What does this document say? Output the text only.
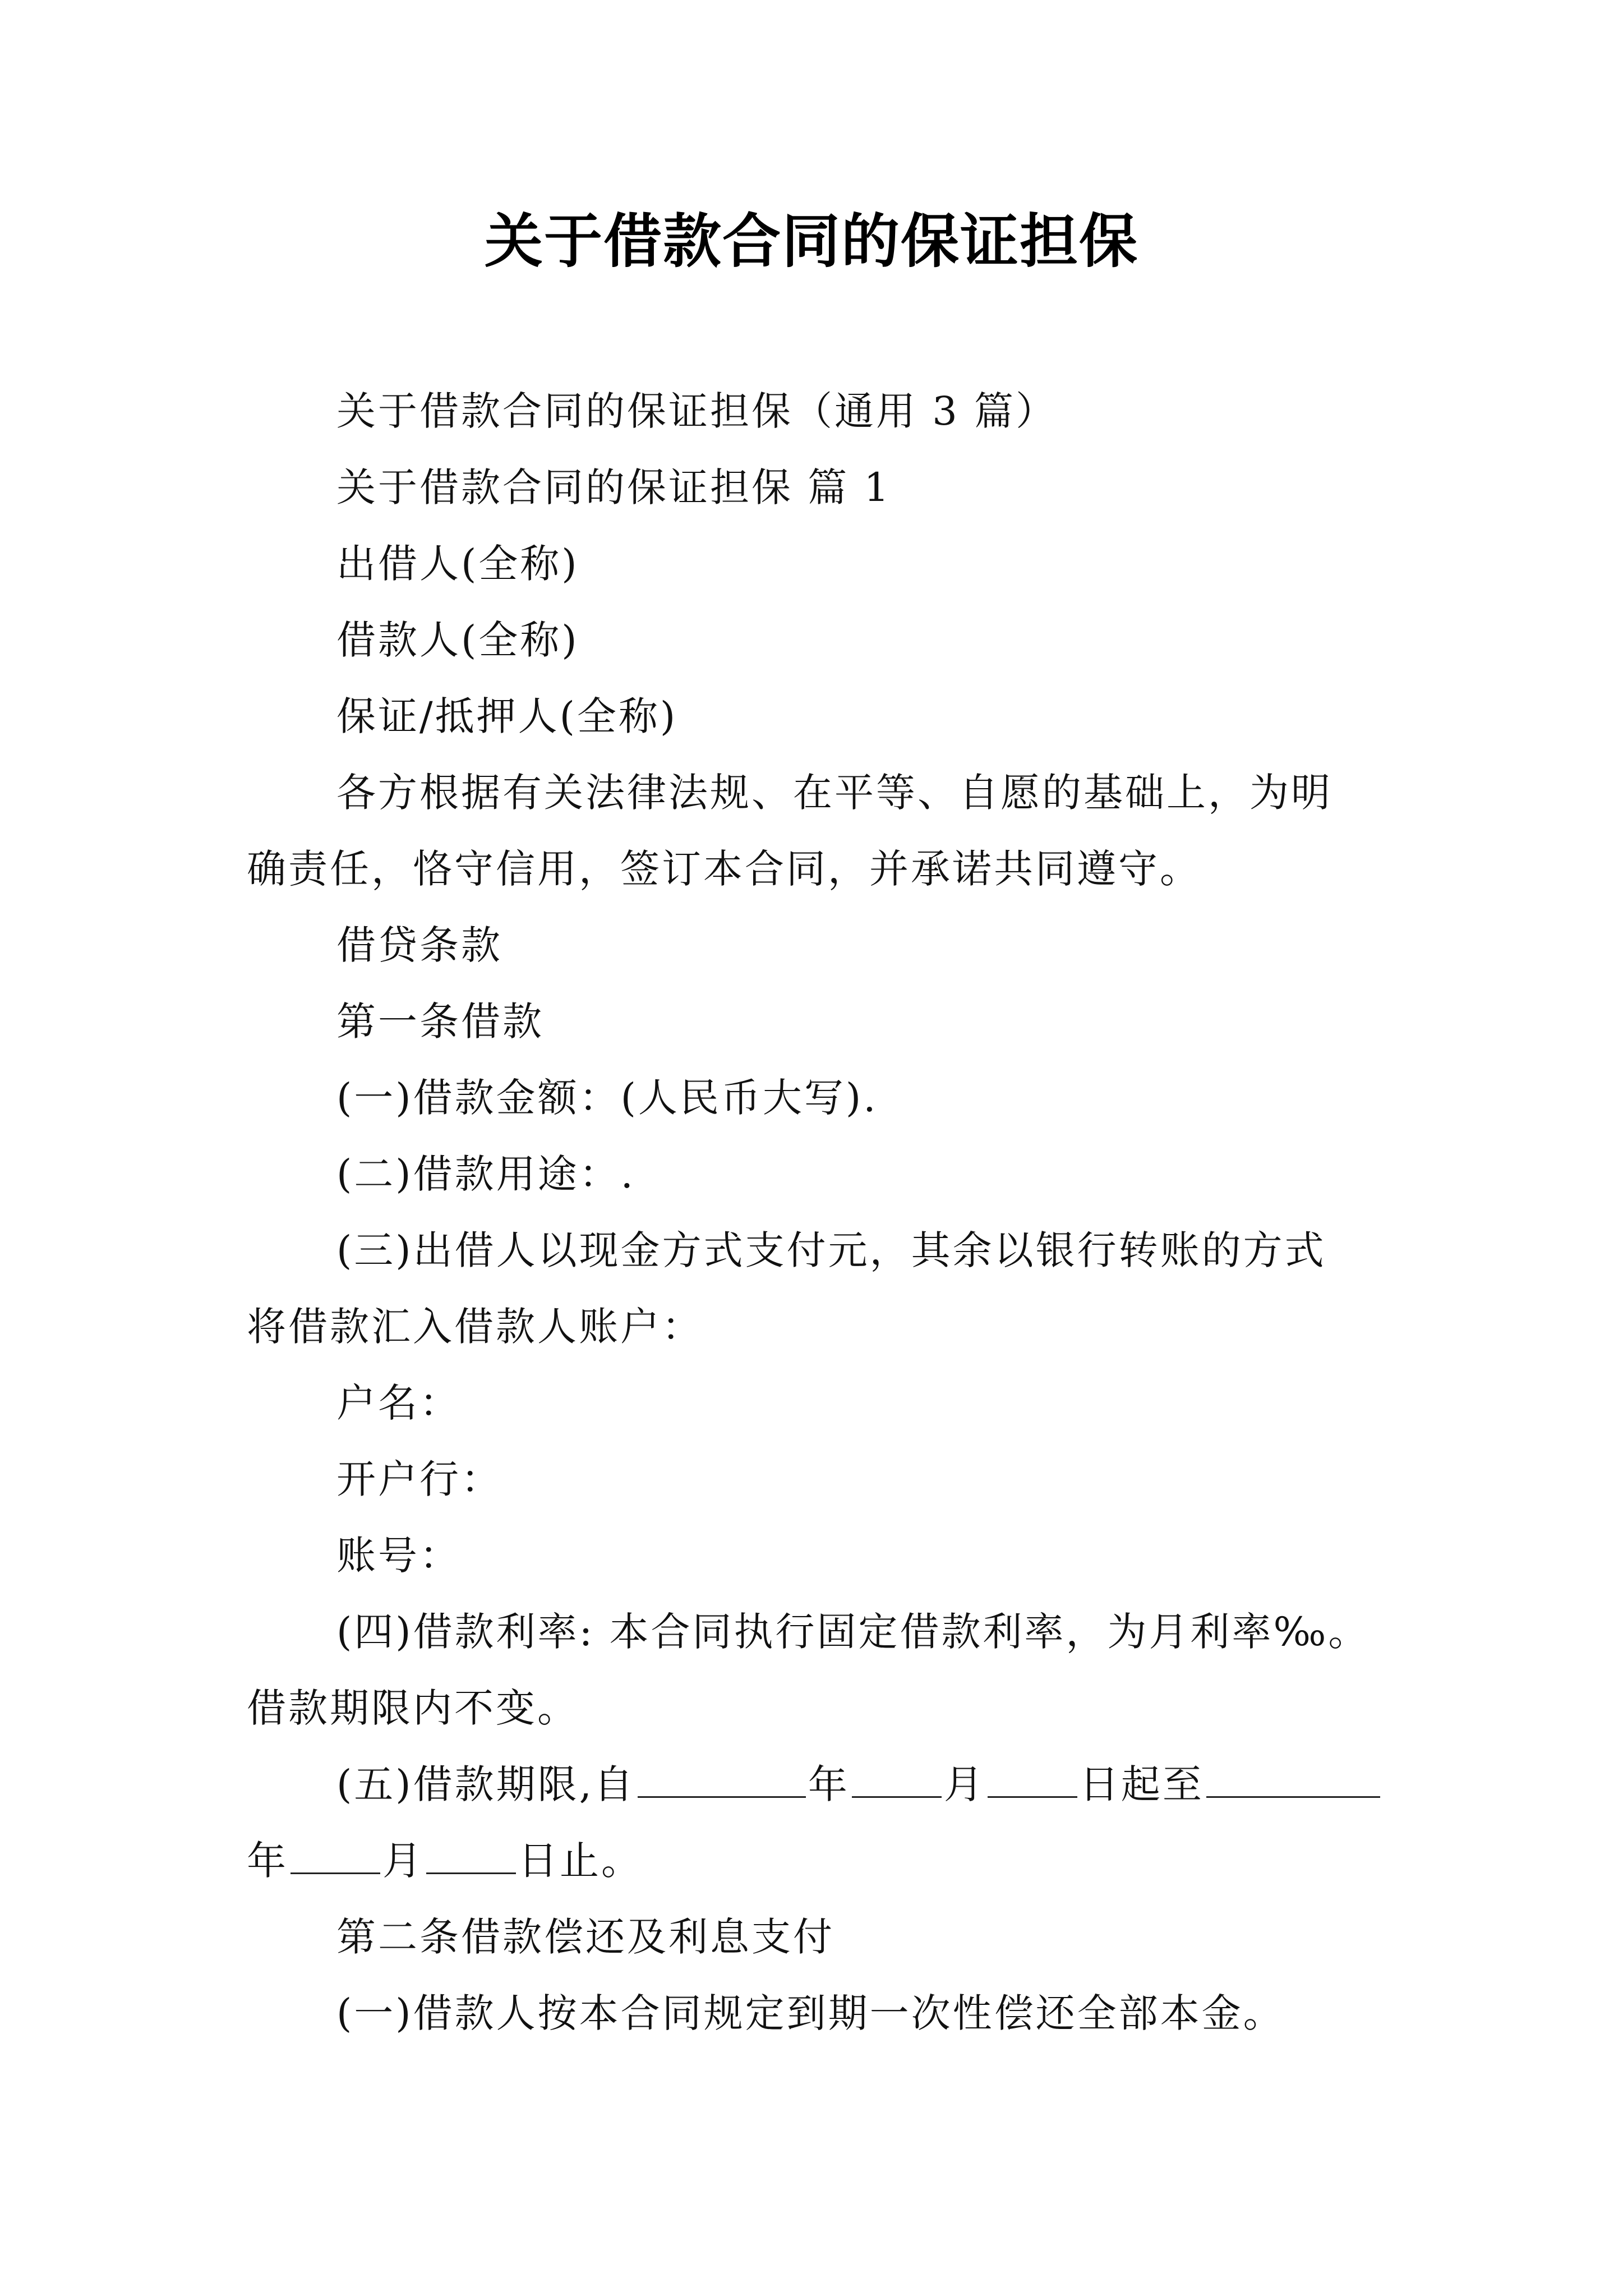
关于借款合同的保证担保
关于借款合同的保证担保（通用 3 篇）
关于借款合同的保证担保 篇 1
出借人(全称)
借款人(全称)
保证/抵押人(全称)
各方根据有关法律法规、在平等、自愿的基础上，为明
确责任，恪守信用，签订本合同，并承诺共同遵守。
借贷条款
第一条借款
(一)借款金额：(人民币大写).
(二)借款用途：.
(三)出借人以现金方式支付元，其余以银行转账的方式
将借款汇入借款人账户：
户名：
开户行：
账号：
(四)借款利率: 本合同执行固定借款利率，为月利率‰。
借款期限内不变。
(五)借款期限,自	年 月 日起至
年 月 日止。
第二条借款偿还及利息支付
(一)借款人按本合同规定到期一次性偿还全部本金。
